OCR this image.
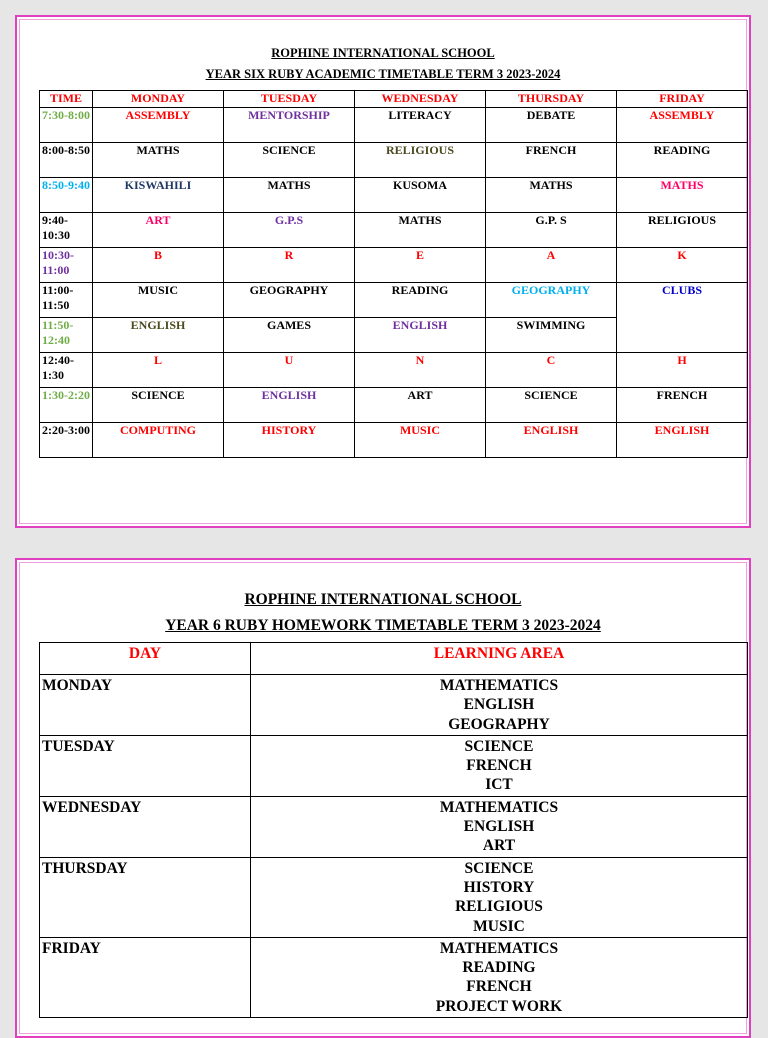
ROPHINE INTERNATIONAL SCHOOL
YEAR SIX RUBY ACADEMIC TIMETABLE TERM 3 2023-2024
TIME	MONDAY	TUESDAY	WEDNESDAY	THURSDAY	FRIDAY
7:30-8:00	ASSEMBLY	MENTORSHIP	LITERACY	DEBATE	ASSEMBLY
8:00-8:50	MATHS	SCIENCE	RELIGIOUS	FRENCH	READING
8:50-9:40	KISWAHILI	MATHS	KUSOMA	MATHS	MATHS
9:40-10:30	ART	G.P.S	MATHS	G.P. S	RELIGIOUS
10:30-11:00	B	R	E	A	K
11:00-11:50	MUSIC	GEOGRAPHY	READING	GEOGRAPHY	CLUBS
11:50-12:40	ENGLISH	GAMES	ENGLISH	SWIMMING	
12:40-1:30	L	U	N	C	H
1:30-2:20	SCIENCE	ENGLISH	ART	SCIENCE	FRENCH
2:20-3:00	COMPUTING	HISTORY	MUSIC	ENGLISH	ENGLISH
ROPHINE INTERNATIONAL SCHOOL
YEAR 6 RUBY HOMEWORK TIMETABLE TERM 3 2023-2024
DAY	LEARNING AREA
MONDAY	MATHEMATICS
ENGLISH
GEOGRAPHY

TUESDAY	SCIENCE
FRENCH
ICT

WEDNESDAY	MATHEMATICS
ENGLISH
ART

THURSDAY	SCIENCE
HISTORY
RELIGIOUS
MUSIC

FRIDAY	MATHEMATICS
READING
FRENCH
PROJECT WORK
